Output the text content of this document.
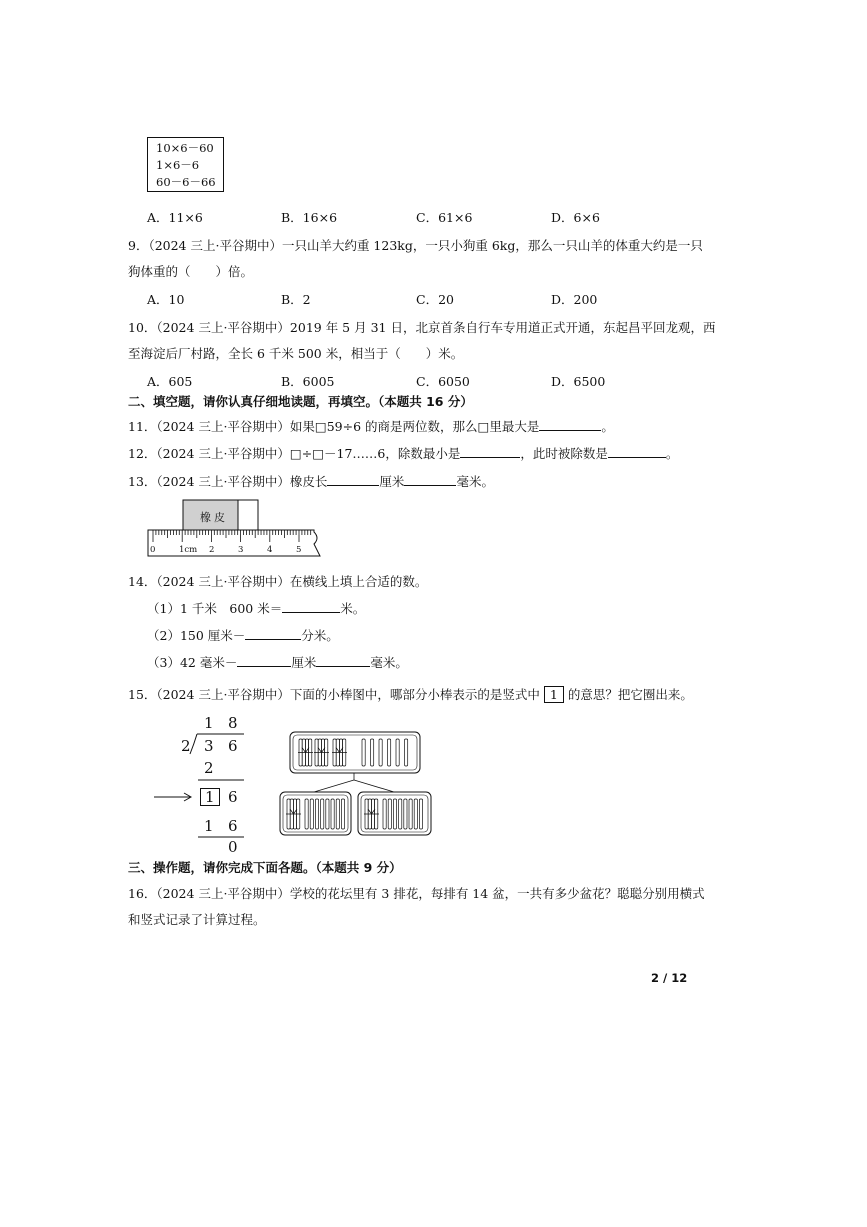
10×6－60
1×6－6
60－6－66
A．11×6	B．16×6	C．61×6	D．6×6
9．（2024 三上·平谷期中）一只山羊大约重 123kg，一只小狗重 6kg，那么一只山羊的体重大约是一只
狗体重的（　　）倍。
A．10	B．2	C．20	D．200
10．（2024 三上·平谷期中）2019 年 5 月 31 日，北京首条自行车专用道正式开通，东起昌平回龙观，西
至海淀后厂村路，全长 6 千米 500 米，相当于（　　）米。
A．605	B．6005	C．6050	D．6500
二、填空题，请你认真仔细地读题，再填空。（本题共 16 分）
11．（2024 三上·平谷期中）如果□59÷6 的商是两位数，那么□里最大是	。
12．（2024 三上·平谷期中）□÷□－17……6，除数最小是	，此时被除数是	。
13．（2024 三上·平谷期中）橡皮长	厘米	毫米。
橡皮
0	1cm 2	3	4	5
14．（2024 三上·平谷期中）在横线上填上合适的数。
（1）1 千米　600 米＝	米。
（2）150 厘米－	分米。
（3）42 毫米－	厘米	毫米。
15．（2024 三上·平谷期中）下面的小棒图中，哪部分小棒表示的是竖式中 1 的意思？把它圈出来。
1 8
2 3 6
2
1 6
1 6
0
三、操作题，请你完成下面各题。（本题共 9 分）
16．（2024 三上·平谷期中）学校的花坛里有 3 排花，每排有 14 盆，一共有多少盆花？聪聪分别用横式
和竖式记录了计算过程。
2 / 12
